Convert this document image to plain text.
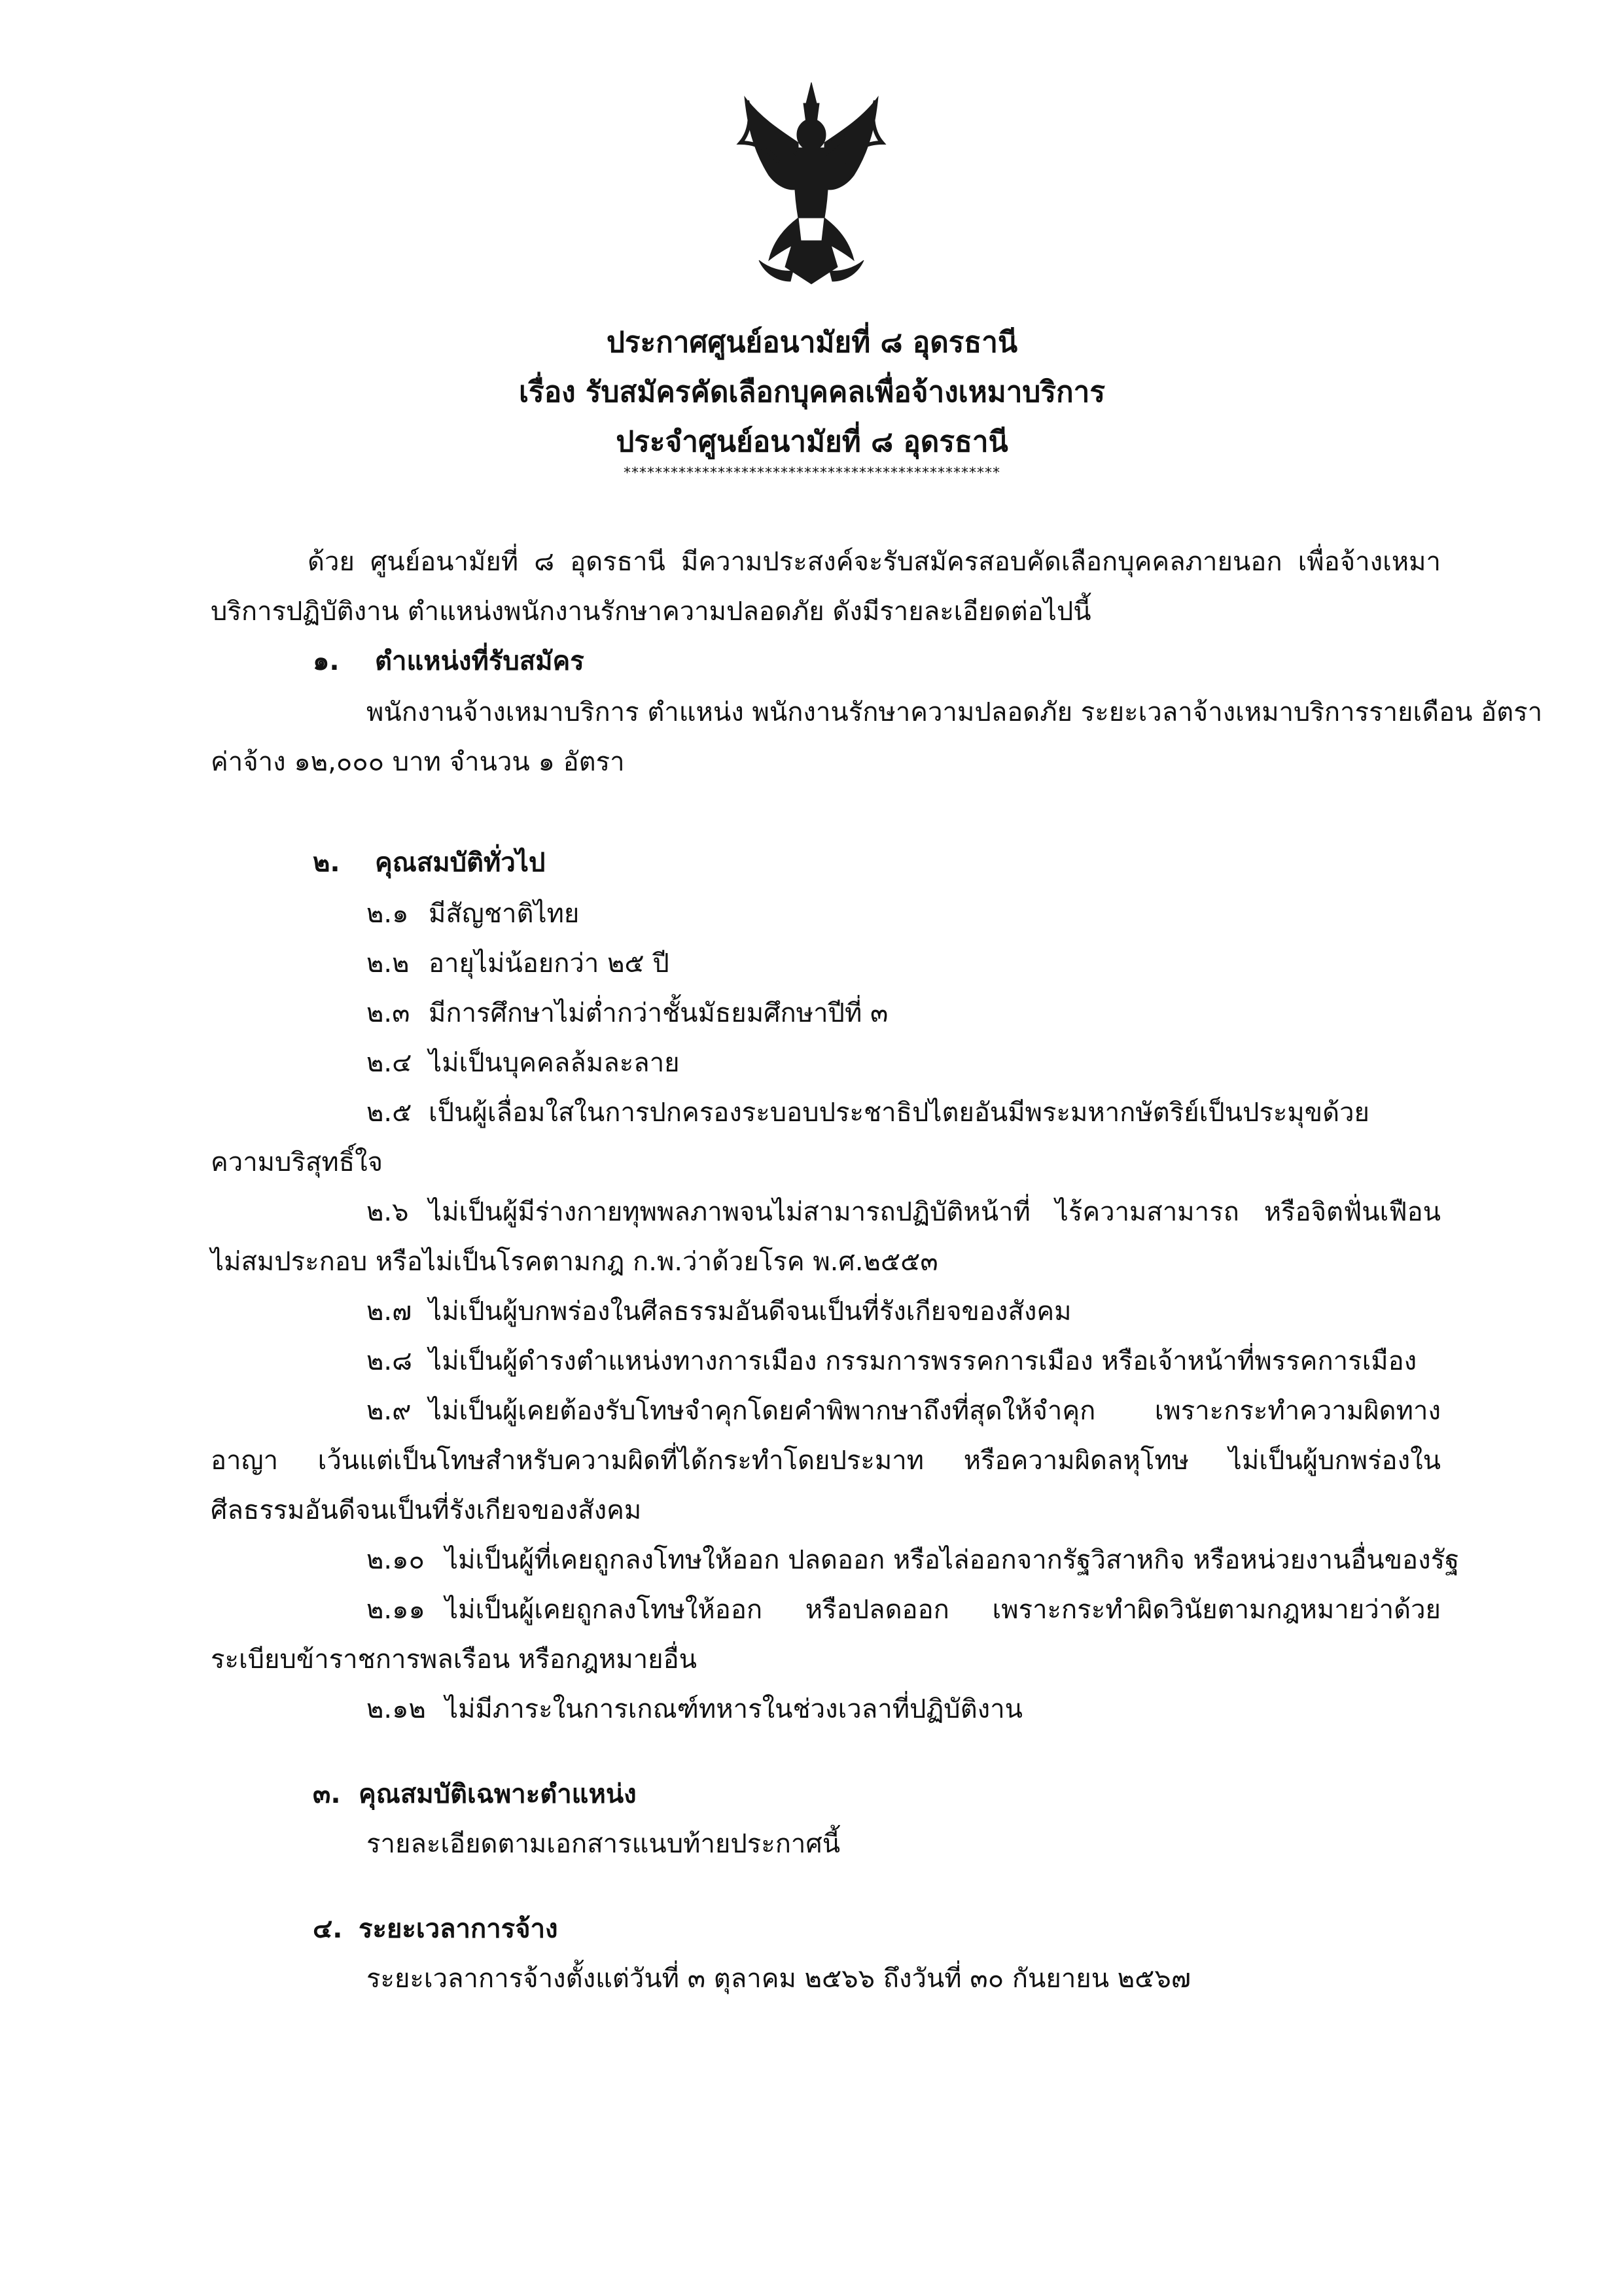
ประกาศศูนย์อนามัยที่ ๘ อุดรธานี
เรื่อง รับสมัครคัดเลือกบุคคลเพื่อจ้างเหมาบริการ
ประจำศูนย์อนามัยที่ ๘ อุดรธานี
************************************************
ด้วย ศูนย์อนามัยที่ ๘ อุดรธานี มีความประสงค์จะรับสมัครสอบคัดเลือกบุคคลภายนอก เพื่อจ้างเหมา
บริการปฏิบัติงาน ตำแหน่งพนักงานรักษาความปลอดภัย ดังมีรายละเอียดต่อไปนี้
๑. ตำแหน่งที่รับสมัคร
พนักงานจ้างเหมาบริการ ตำแหน่ง พนักงานรักษาความปลอดภัย ระยะเวลาจ้างเหมาบริการรายเดือน อัตรา
ค่าจ้าง ๑๒,๐๐๐ บาท จำนวน ๑ อัตรา
๒. คุณสมบัติทั่วไป
๒.๑ มีสัญชาติไทย
๒.๒ อายุไม่น้อยกว่า ๒๕ ปี
๒.๓ มีการศึกษาไม่ต่ำกว่าชั้นมัธยมศึกษาปีที่ ๓
๒.๔ ไม่เป็นบุคคลล้มละลาย
๒.๕ เป็นผู้เลื่อมใสในการปกครองระบอบประชาธิปไตยอันมีพระมหากษัตริย์เป็นประมุขด้วย
ความบริสุทธิ์ใจ
๒.๖ ไม่เป็นผู้มีร่างกายทุพพลภาพจนไม่สามารถปฏิบัติหน้าที่ ไร้ความสามารถ หรือจิตฟั่นเฟือน
ไม่สมประกอบ หรือไม่เป็นโรคตามกฎ ก.พ.ว่าด้วยโรค พ.ศ.๒๕๕๓
๒.๗ ไม่เป็นผู้บกพร่องในศีลธรรมอันดีจนเป็นที่รังเกียจของสังคม
๒.๘ ไม่เป็นผู้ดำรงตำแหน่งทางการเมือง กรรมการพรรคการเมือง หรือเจ้าหน้าที่พรรคการเมือง
๒.๙ ไม่เป็นผู้เคยต้องรับโทษจำคุกโดยคำพิพากษาถึงที่สุดให้จำคุก เพราะกระทำความผิดทาง
อาญา เว้นแต่เป็นโทษสำหรับความผิดที่ได้กระทำโดยประมาท หรือความผิดลหุโทษ ไม่เป็นผู้บกพร่องใน
ศีลธรรมอันดีจนเป็นที่รังเกียจของสังคม
๒.๑๐ ไม่เป็นผู้ที่เคยถูกลงโทษให้ออก ปลดออก หรือไล่ออกจากรัฐวิสาหกิจ หรือหน่วยงานอื่นของรัฐ
๒.๑๑ ไม่เป็นผู้เคยถูกลงโทษให้ออก หรือปลดออก เพราะกระทำผิดวินัยตามกฎหมายว่าด้วย
ระเบียบข้าราชการพลเรือน หรือกฎหมายอื่น
๒.๑๒ ไม่มีภาระในการเกณฑ์ทหารในช่วงเวลาที่ปฏิบัติงาน
๓. คุณสมบัติเฉพาะตำแหน่ง
รายละเอียดตามเอกสารแนบท้ายประกาศนี้
๔. ระยะเวลาการจ้าง
ระยะเวลาการจ้างตั้งแต่วันที่ ๓ ตุลาคม ๒๕๖๖ ถึงวันที่ ๓๐ กันยายน ๒๕๖๗
